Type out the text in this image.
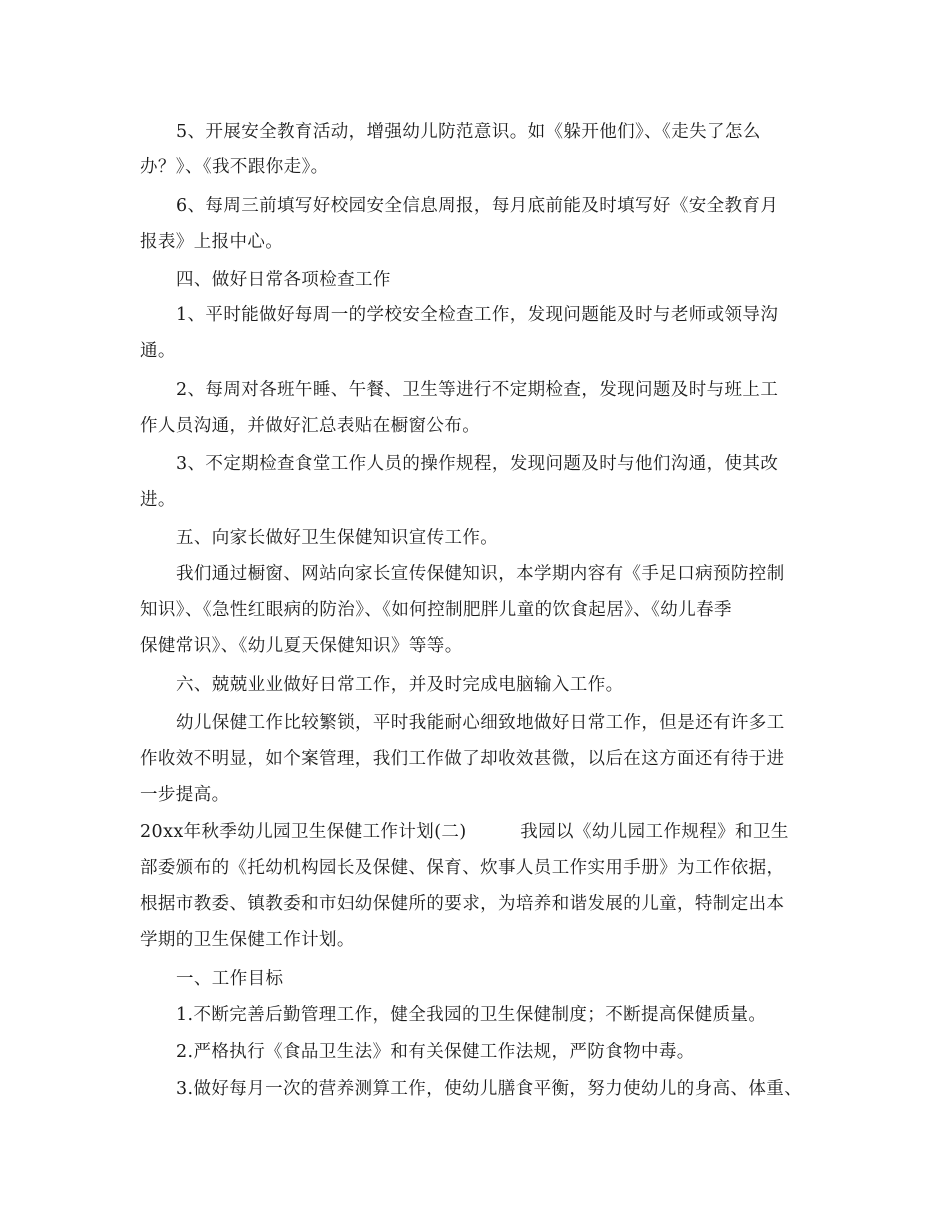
5、开展安全教育活动，增强幼儿防范意识。如《躲开他们》、《走失了怎么
办？》、《我不跟你走》。
6、每周三前填写好校园安全信息周报，每月底前能及时填写好《安全教育月
报表》上报中心。
四、做好日常各项检查工作
1、平时能做好每周一的学校安全检查工作，发现问题能及时与老师或领导沟
通。
2、每周对各班午睡、午餐、卫生等进行不定期检查，发现问题及时与班上工
作人员沟通，并做好汇总表贴在橱窗公布。
3、不定期检查食堂工作人员的操作规程，发现问题及时与他们沟通，使其改
进。
五、向家长做好卫生保健知识宣传工作。
我们通过橱窗、网站向家长宣传保健知识，本学期内容有《手足口病预防控制
知识》、《急性红眼病的防治》、《如何控制肥胖儿童的饮食起居》、《幼儿春季
保健常识》、《幼儿夏天保健知识》等等。
六、兢兢业业做好日常工作，并及时完成电脑输入工作。
幼儿保健工作比较繁锁，平时我能耐心细致地做好日常工作，但是还有许多工
作收效不明显，如个案管理，我们工作做了却收效甚微，以后在这方面还有待于进
一步提高。
20xx年秋季幼儿园卫生保健工作计划(二)　　　我园以《幼儿园工作规程》和卫生
部委颁布的《托幼机构园长及保健、保育、炊事人员工作实用手册》为工作依据，
根据市教委、镇教委和市妇幼保健所的要求，为培养和谐发展的儿童，特制定出本
学期的卫生保健工作计划。
一、工作目标
1.不断完善后勤管理工作，健全我园的卫生保健制度；不断提高保健质量。
2.严格执行《食品卫生法》和有关保健工作法规，严防食物中毒。
3.做好每月一次的营养测算工作，使幼儿膳食平衡，努力使幼儿的身高、体重、
